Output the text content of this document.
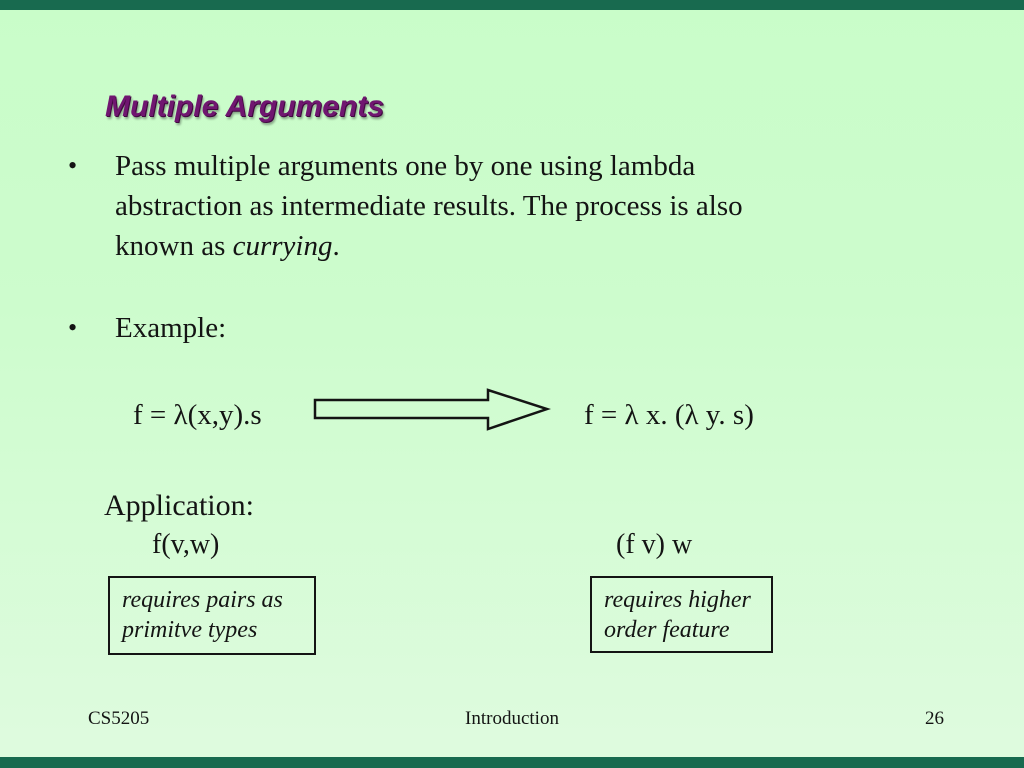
Multiple Arguments
• Pass multiple arguments one by one using lambda
abstraction as intermediate results. The process is also
known as currying.
• Example:
f = λ(x,y).s	f = λ x. (λ y. s)
Application:
f(v,w)	(f v) w
requires pairs as
primitve types
requires higher
order feature
CS5205	Introduction	26
